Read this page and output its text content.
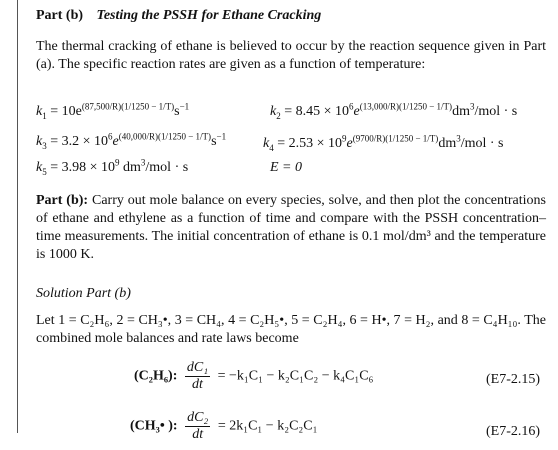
Part (b) Testing the PSSH for Ethane Cracking
The thermal cracking of ethane is believed to occur by the reaction sequence given in Part (a). The specific reaction rates are given as a function of temperature:
$k_1 = 10e^{(87,500/R)(1/1250 - 1/T)}s^{-1}$	$k_2 = 8.45 \times 10^6e^{(13,000/R)(1/1250 - 1/T)}dm^3/mol \cdot s$
$k_3 = 3.2 \times 10^6e^{(40,000/R)(1/1250 - 1/T)}s^{-1}$	$k_4 = 2.53 \times 10^9e^{(9700/R)(1/1250 - 1/T)}dm^3/mol \cdot s$
$k_5 = 3.98 \times 10^9$ $dm^3$/mol · s	E = 0
Part (b): Carry out mole balance on every species, solve, and then plot the concentrations of ethane and ethylene as a function of time and compare with the PSSH concentration–time measurements. The initial concentration of ethane is 0.1 mol/dm³ and the temperature is 1000 K.
Solution Part (b)
Let 1 = C₂H₆, 2 = CH₃•, 3 = CH₄, 4 = C₂H₅•, 5 = C₂H₄, 6 = H•, 7 = H₂, and 8 = C₄H₁₀. The combined mole balances and rate laws become
(C₂H₆): $\frac{\text{dC₁}}{dt} = -k_1C_1 - k_2C_1C_2 - k_4C_1C_6$	(E7-2.15)
(CH₃• ): $\frac{\text{dC₂}}{dt} = 2k_1C_1 - k_2C_2C_1$	(E7-2.16)
